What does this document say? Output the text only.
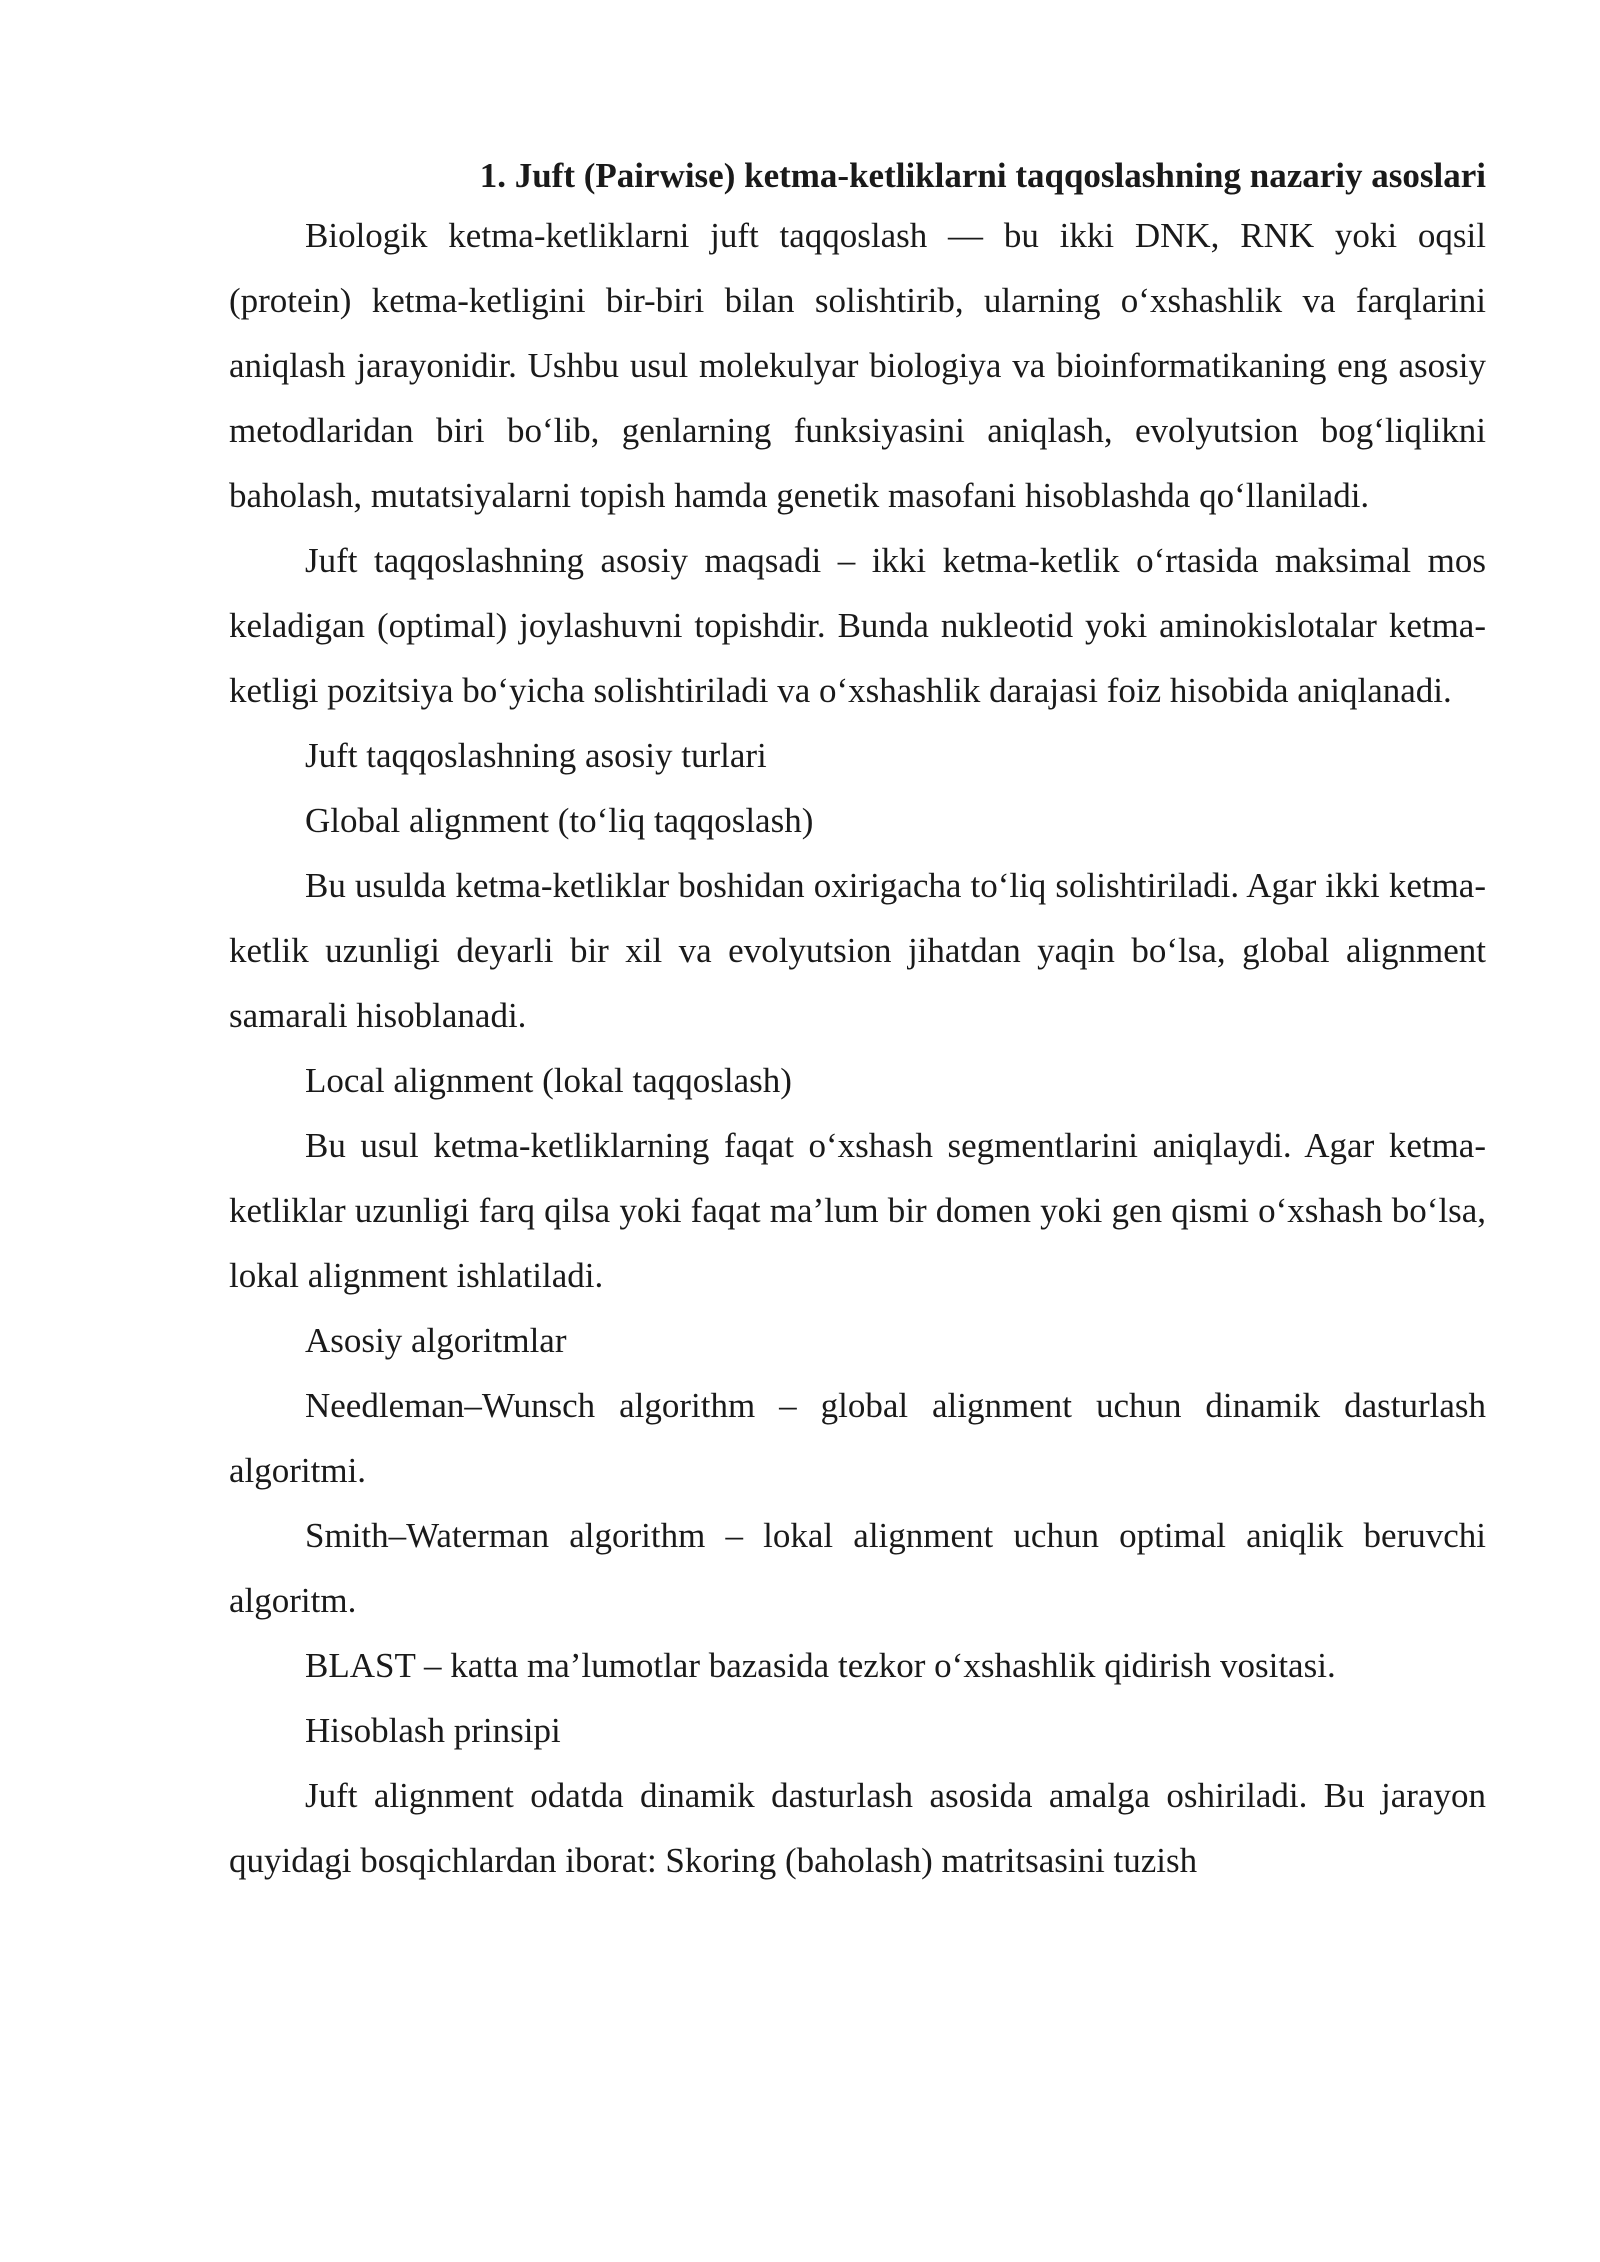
1. Juft (Pairwise) ketma-ketliklarni taqqoslashning nazariy asoslari

Biologik ketma-ketliklarni juft taqqoslash — bu ikki DNK, RNK yoki oqsil (protein) ketma-ketligini bir-biri bilan solishtirib, ularning o‘xshashlik va farqlarini aniqlash jarayonidir. Ushbu usul molekulyar biologiya va bioinformatikaning eng asosiy metodlaridan biri bo‘lib, genlarning funksiyasini aniqlash, evolyutsion bog‘liqlikni baholash, mutatsiyalarni topish hamda genetik masofani hisoblashda qo‘llaniladi.

Juft taqqoslashning asosiy maqsadi – ikki ketma-ketlik o‘rtasida maksimal mos keladigan (optimal) joylashuvni topishdir. Bunda nukleotid yoki aminokislotalar ketma-ketligi pozitsiya bo‘yicha solishtiriladi va o‘xshashlik darajasi foiz hisobida aniqlanadi.

Juft taqqoslashning asosiy turlari

Global alignment (to‘liq taqqoslash)

Bu usulda ketma-ketliklar boshidan oxirigacha to‘liq solishtiriladi. Agar ikki ketma-ketlik uzunligi deyarli bir xil va evolyutsion jihatdan yaqin bo‘lsa, global alignment samarali hisoblanadi.

Local alignment (lokal taqqoslash)

Bu usul ketma-ketliklarning faqat o‘xshash segmentlarini aniqlaydi. Agar ketma-ketliklar uzunligi farq qilsa yoki faqat ma’lum bir domen yoki gen qismi o‘xshash bo‘lsa, lokal alignment ishlatiladi.

Asosiy algoritmlar

Needleman–Wunsch algorithm – global alignment uchun dinamik dasturlash algoritmi.

Smith–Waterman algorithm – lokal alignment uchun optimal aniqlik beruvchi algoritm.

BLAST – katta ma’lumotlar bazasida tezkor o‘xshashlik qidirish vositasi.

Hisoblash prinsipi

Juft alignment odatda dinamik dasturlash asosida amalga oshiriladi. Bu jarayon quyidagi bosqichlardan iborat: Skoring (baholash) matritsasini tuzish
